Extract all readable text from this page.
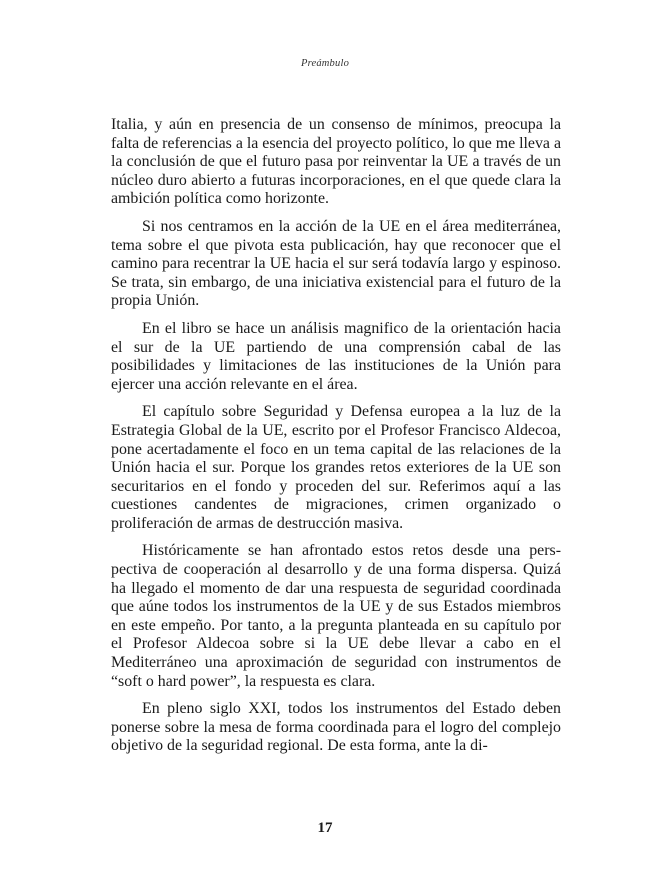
Preámbulo

Italia, y aún en presencia de un consenso de mínimos, preocupa la falta de referencias a la esencia del proyecto político, lo que me lleva a la conclusión de que el futuro pasa por reinventar la UE a través de un núcleo duro abierto a futuras incorporaciones, en el que quede clara la ambición política como horizonte.

Si nos centramos en la acción de la UE en el área mediterránea, tema sobre el que pivota esta publicación, hay que reconocer que el camino para recentrar la UE hacia el sur será todavía largo y espinoso. Se trata, sin embargo, de una iniciativa existencial para el futuro de la propia Unión.

En el libro se hace un análisis magnifico de la orientación hacia el sur de la UE partiendo de una comprensión cabal de las posibilidades y limitaciones de las instituciones de la Unión para ejercer una acción relevante en el área.

El capítulo sobre Seguridad y Defensa europea a la luz de la Estrategia Global de la UE, escrito por el Profesor Francisco Aldecoa, pone acertadamente el foco en un tema capital de las relaciones de la Unión hacia el sur. Porque los grandes retos exteriores de la UE son securitarios en el fondo y proceden del sur. Referimos aquí a las cuestiones candentes de migraciones, crimen organizado o proliferación de armas de destrucción masiva.

Históricamente se han afrontado estos retos desde una perspectiva de cooperación al desarrollo y de una forma dispersa. Quizá ha llegado el momento de dar una respuesta de seguridad coordinada que aúne todos los instrumentos de la UE y de sus Estados miembros en este empeño. Por tanto, a la pregunta planteada en su capítulo por el Profesor Aldecoa sobre si la UE debe llevar a cabo en el Mediterráneo una aproximación de seguridad con instrumentos de “soft o hard power”, la respuesta es clara.

En pleno siglo XXI, todos los instrumentos del Estado deben ponerse sobre la mesa de forma coordinada para el logro del complejo objetivo de la seguridad regional. De esta forma, ante la di-

17
